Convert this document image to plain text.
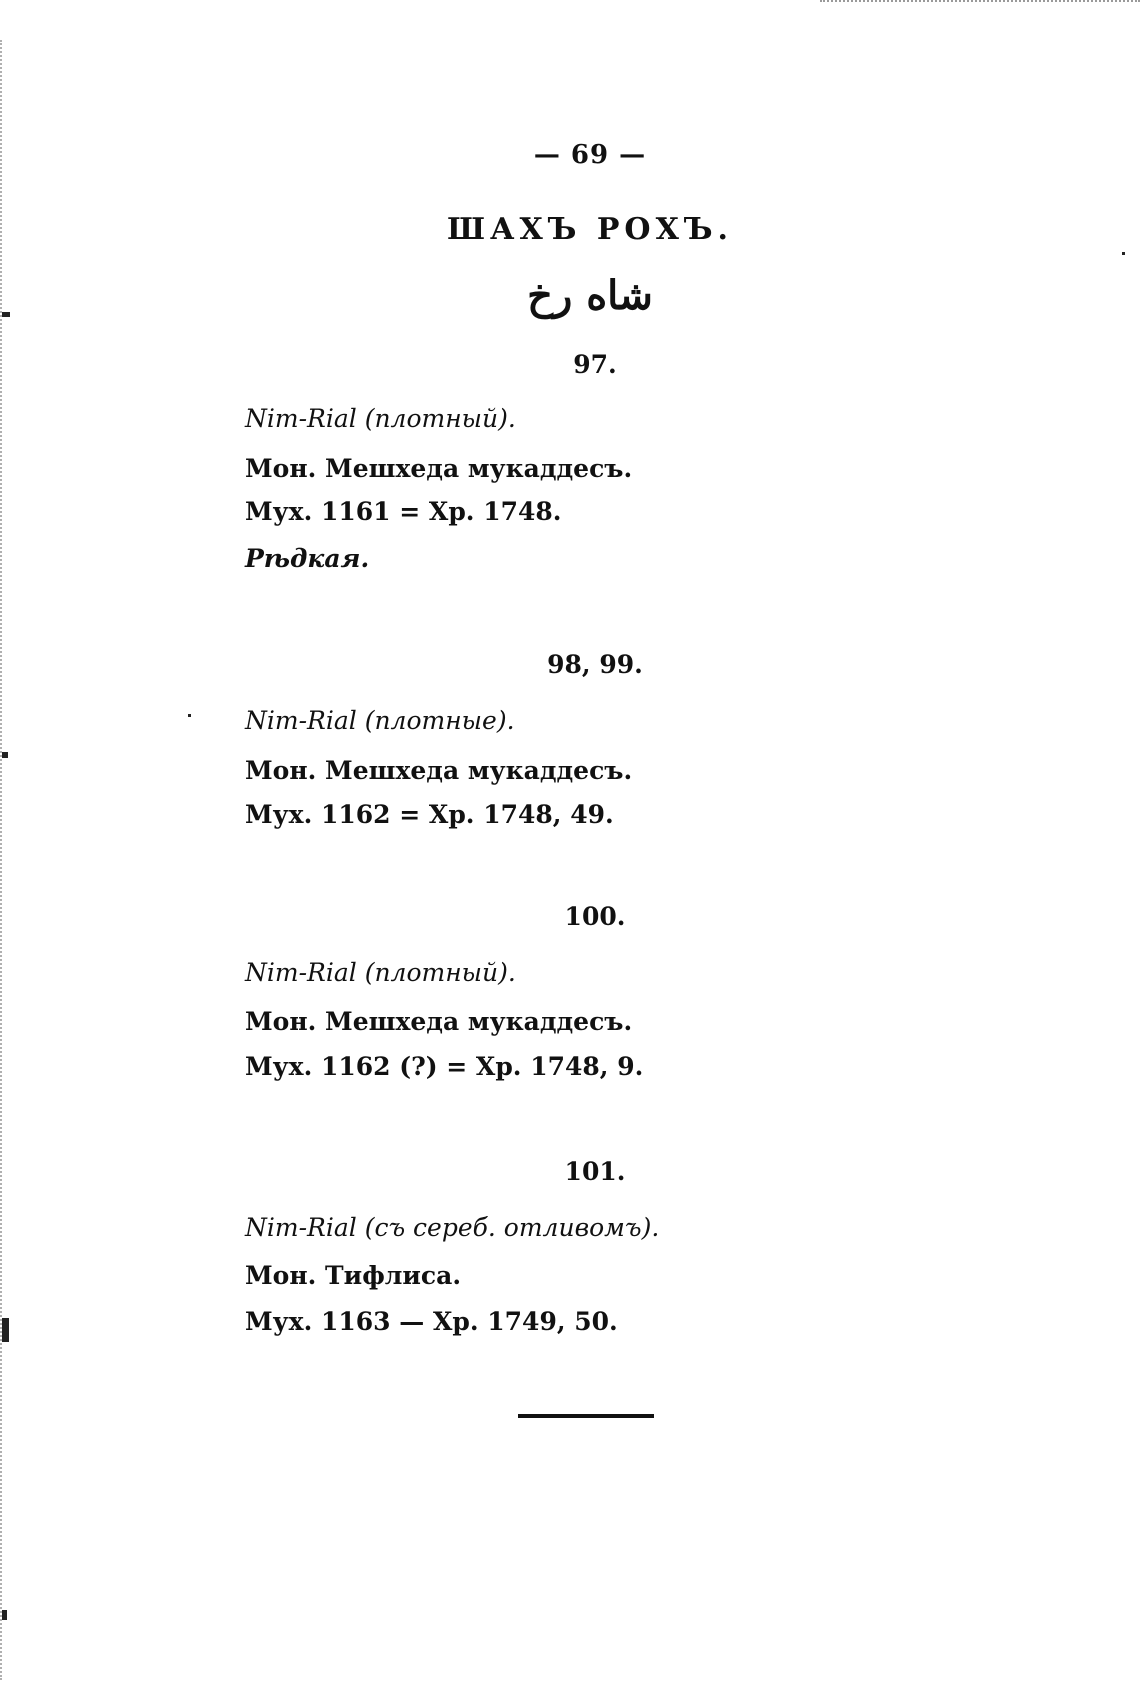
— 69 —
ШАХЪ РОХЪ.
شاه رخ
97.
Nim-Rial (плотный).
Мон. Мешхеда мукаддесъ.
Мух. 1161 = Хр. 1748.
Рѣдкая.
98, 99.
Nim-Rial (плотные).
Мон. Мешхеда мукаддесъ.
Мух. 1162 = Хр. 1748, 49.
100.
Nim-Rial (плотный).
Мон. Мешхеда мукаддесъ.
Мух. 1162 (?) = Хр. 1748, 9.
101.
Nim-Rial (съ сереб. отливомъ).
Мон. Тифлиса.
Мух. 1163 — Хр. 1749, 50.
